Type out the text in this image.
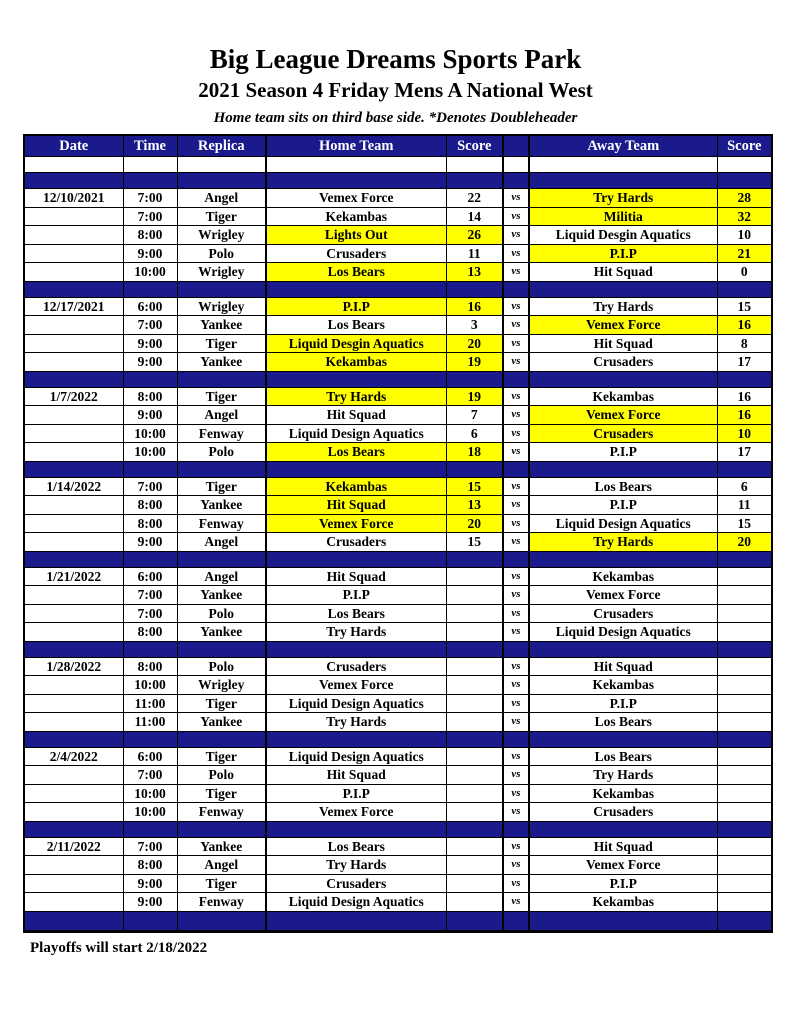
Big League Dreams Sports Park
2021 Season 4 Friday Mens A National West
Home team sits on third base side. *Denotes Doubleheader
Date	Time	Replica	Home Team	Score		Away Team	Score

12/10/2021	7:00	Angel	Vemex Force	22	vs	Try Hards	28
	7:00	Tiger	Kekambas	14	vs	Militia	32
	8:00	Wrigley	Lights Out	26	vs	Liquid Desgin Aquatics	10
	9:00	Polo	Crusaders	11	vs	P.I.P	21
	10:00	Wrigley	Los Bears	13	vs	Hit Squad	0

12/17/2021	6:00	Wrigley	P.I.P	16	vs	Try Hards	15
	7:00	Yankee	Los Bears	3	vs	Vemex Force	16
	9:00	Tiger	Liquid Desgin Aquatics	20	vs	Hit Squad	8
	9:00	Yankee	Kekambas	19	vs	Crusaders	17

1/7/2022	8:00	Tiger	Try Hards	19	vs	Kekambas	16
	9:00	Angel	Hit Squad	7	vs	Vemex Force	16
	10:00	Fenway	Liquid Design Aquatics	6	vs	Crusaders	10
	10:00	Polo	Los Bears	18	vs	P.I.P	17

1/14/2022	7:00	Tiger	Kekambas	15	vs	Los Bears	6
	8:00	Yankee	Hit Squad	13	vs	P.I.P	11
	8:00	Fenway	Vemex Force	20	vs	Liquid Design Aquatics	15
	9:00	Angel	Crusaders	15	vs	Try Hards	20

1/21/2022	6:00	Angel	Hit Squad		vs	Kekambas	
	7:00	Yankee	P.I.P		vs	Vemex Force	
	7:00	Polo	Los Bears		vs	Crusaders	
	8:00	Yankee	Try Hards		vs	Liquid Design Aquatics	

1/28/2022	8:00	Polo	Crusaders		vs	Hit Squad	
	10:00	Wrigley	Vemex Force		vs	Kekambas	
	11:00	Tiger	Liquid Design Aquatics		vs	P.I.P	
	11:00	Yankee	Try Hards		vs	Los Bears	

2/4/2022	6:00	Tiger	Liquid Design Aquatics		vs	Los Bears	
	7:00	Polo	Hit Squad		vs	Try Hards	
	10:00	Tiger	P.I.P		vs	Kekambas	
	10:00	Fenway	Vemex Force		vs	Crusaders	

2/11/2022	7:00	Yankee	Los Bears		vs	Hit Squad	
	8:00	Angel	Try Hards		vs	Vemex Force	
	9:00	Tiger	Crusaders		vs	P.I.P	
	9:00	Fenway	Liquid Design Aquatics		vs	Kekambas	

Playoffs will start 2/18/2022
